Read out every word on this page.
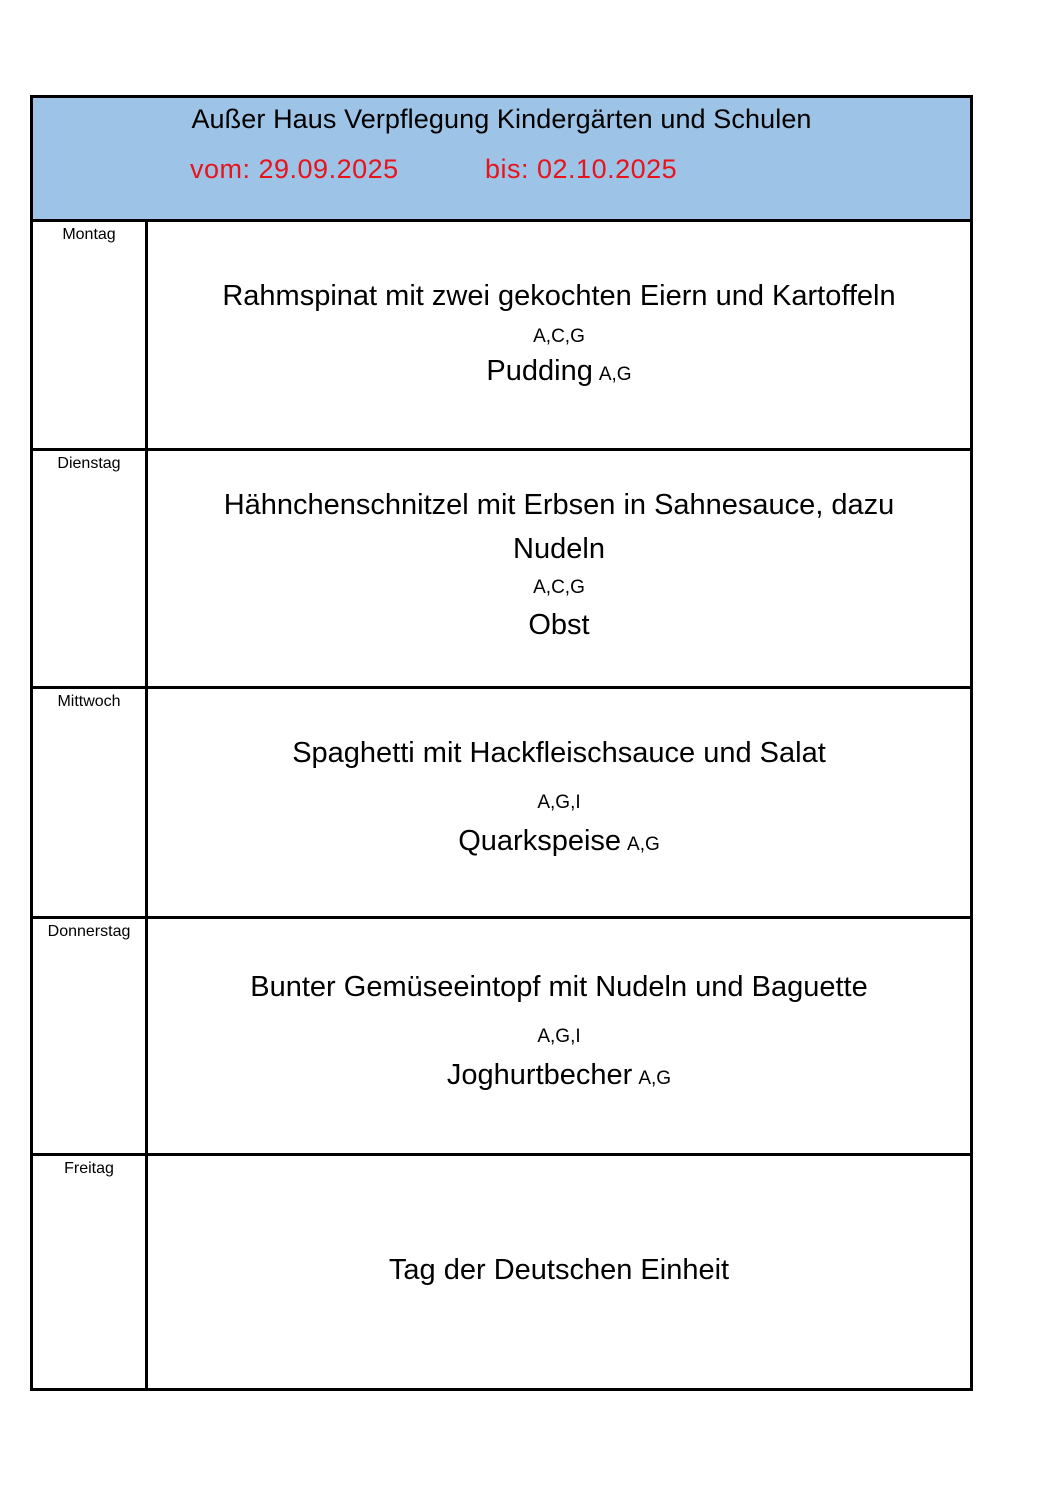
Außer Haus Verpflegung Kindergärten und Schulen
vom: 29.09.2025	bis: 02.10.2025
Montag
Rahmspinat mit zwei gekochten Eiern und Kartoffeln
A,C,G
Pudding A,G
Dienstag
Hähnchenschnitzel mit Erbsen in Sahnesauce, dazu
Nudeln
A,C,G
Obst
Mittwoch
Spaghetti mit Hackfleischsauce und Salat
A,G,I
Quarkspeise A,G
Donnerstag
Bunter Gemüseeintopf mit Nudeln und Baguette
A,G,I
Joghurtbecher A,G
Freitag
Tag der Deutschen Einheit
